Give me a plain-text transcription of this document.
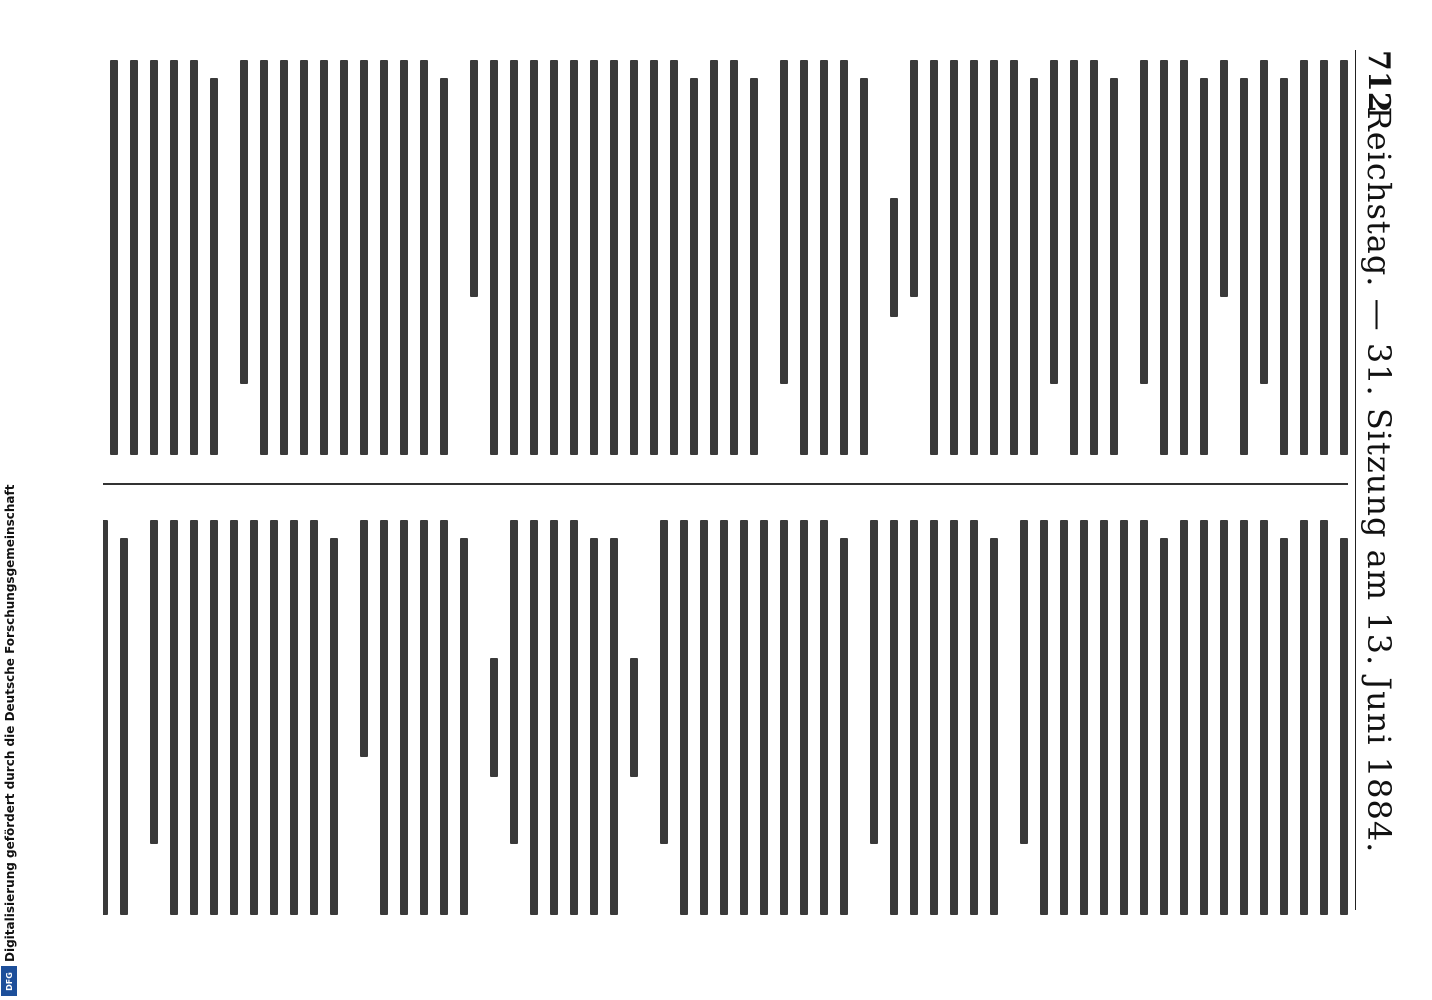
712
Reichstag. — 31. Sitzung am 13. Juni 1884.
Digitalisierung gefördert durch die Deutsche Forschungsgemeinschaft
DFG
